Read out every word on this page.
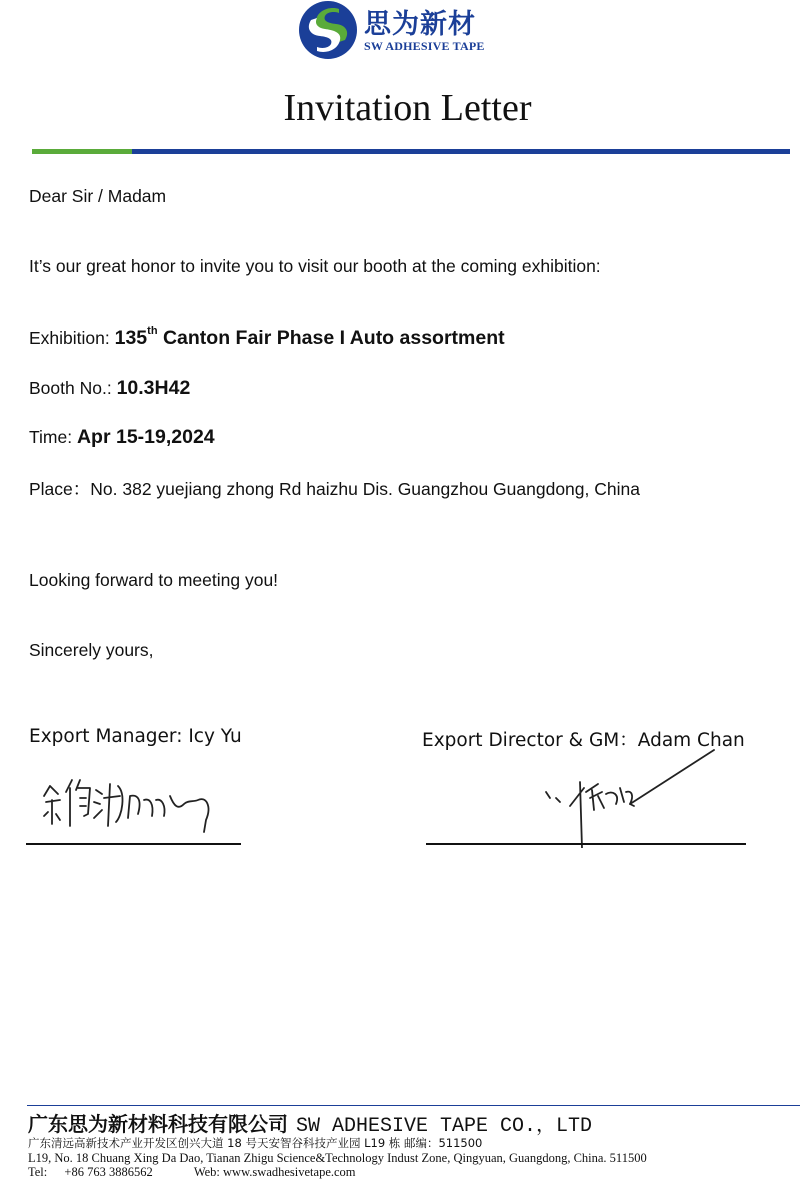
思为新材
SW ADHESIVE TAPE
Invitation Letter
Dear Sir / Madam
It’s our great honor to invite you to visit our booth at the coming exhibition:
Exhibition: 135th Canton Fair Phase I Auto assortment
Booth No.: 10.3H42
Time: Apr 15-19,2024
Place：No. 382 yuejiang zhong Rd haizhu Dis. Guangzhou Guangdong, China
Looking forward to meeting you!
Sincerely yours,
Export Manager: Icy Yu	Export Director & GM：Adam Chan
广东思为新材料科技有限公司 SW ADHESIVE TAPE CO.，LTD
广东清远高新技术产业开发区创兴大道 18 号天安智谷科技产业园 L19 栋 邮编：511500
L19, No. 18 Chuang Xing Da Dao, Tianan Zhigu Science&Technology Indust Zone, Qingyuan, Guangdong, China. 511500
Tel: +86 763 3886562	Web: www.swadhesivetape.com
